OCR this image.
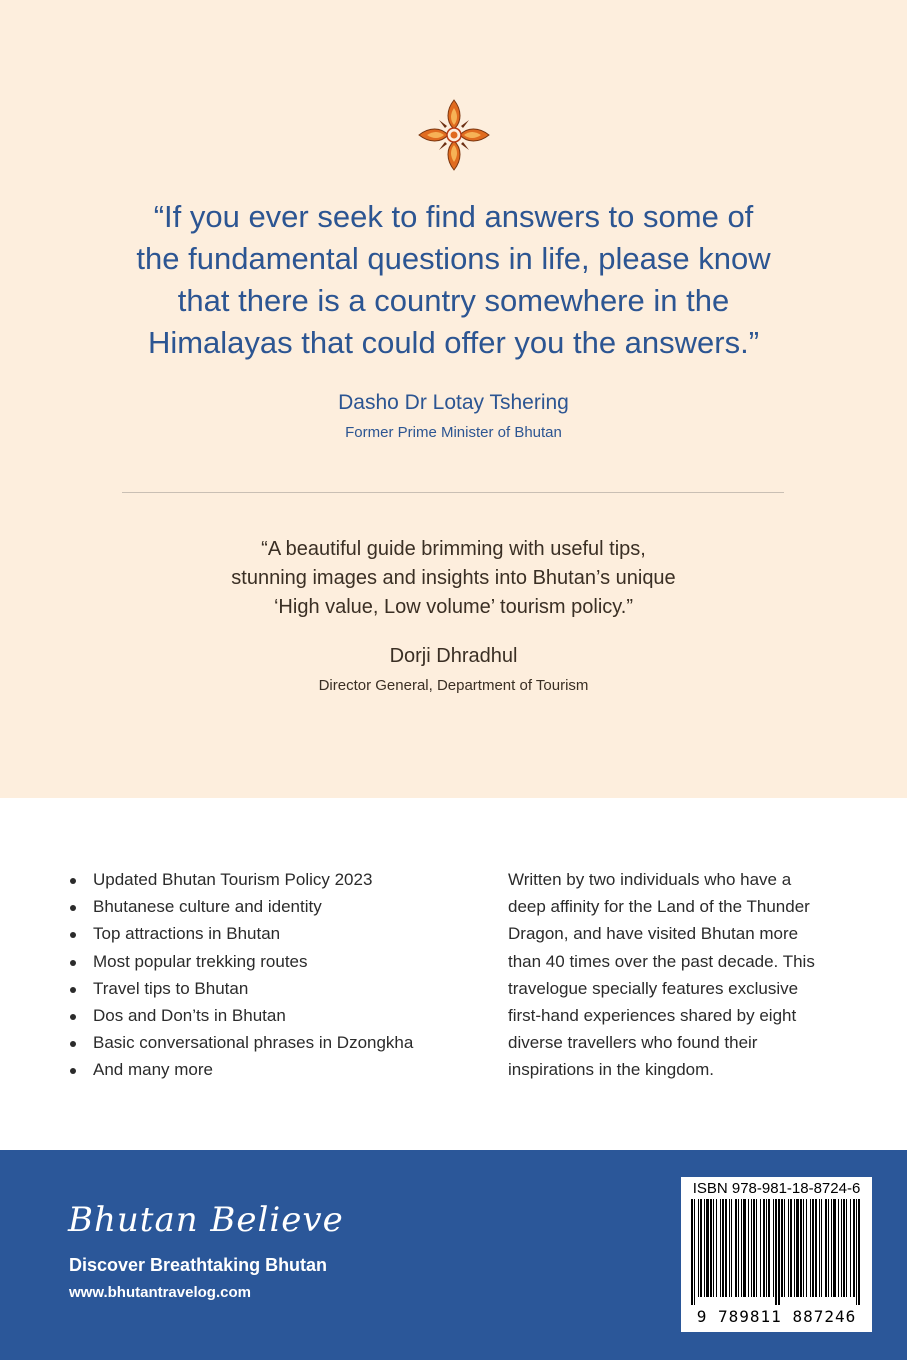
“If you ever seek to find answers to some of
the fundamental questions in life, please know
that there is a country somewhere in the
Himalayas that could offer you the answers.”

Dasho Dr Lotay Tshering
Former Prime Minister of Bhutan

“A beautiful guide brimming with useful tips,
stunning images and insights into Bhutan’s unique
‘High value, Low volume’ tourism policy.”

Dorji Dhradhul
Director General, Department of Tourism
Updated Bhutan Tourism Policy 2023
Bhutanese culture and identity
Top attractions in Bhutan
Most popular trekking routes
Travel tips to Bhutan
Dos and Don’ts in Bhutan
Basic conversational phrases in Dzongkha
And many more
Written by two individuals who have a
deep affinity for the Land of the Thunder
Dragon, and have visited Bhutan more
than 40 times over the past decade. This
travelogue specially features exclusive
first-hand experiences shared by eight
diverse travellers who found their
inspirations in the kingdom.
Bhutan Believe
Discover Breathtaking Bhutan
www.bhutantravelog.com
ISBN 978-981-18-8724-6
9 789811 887246
